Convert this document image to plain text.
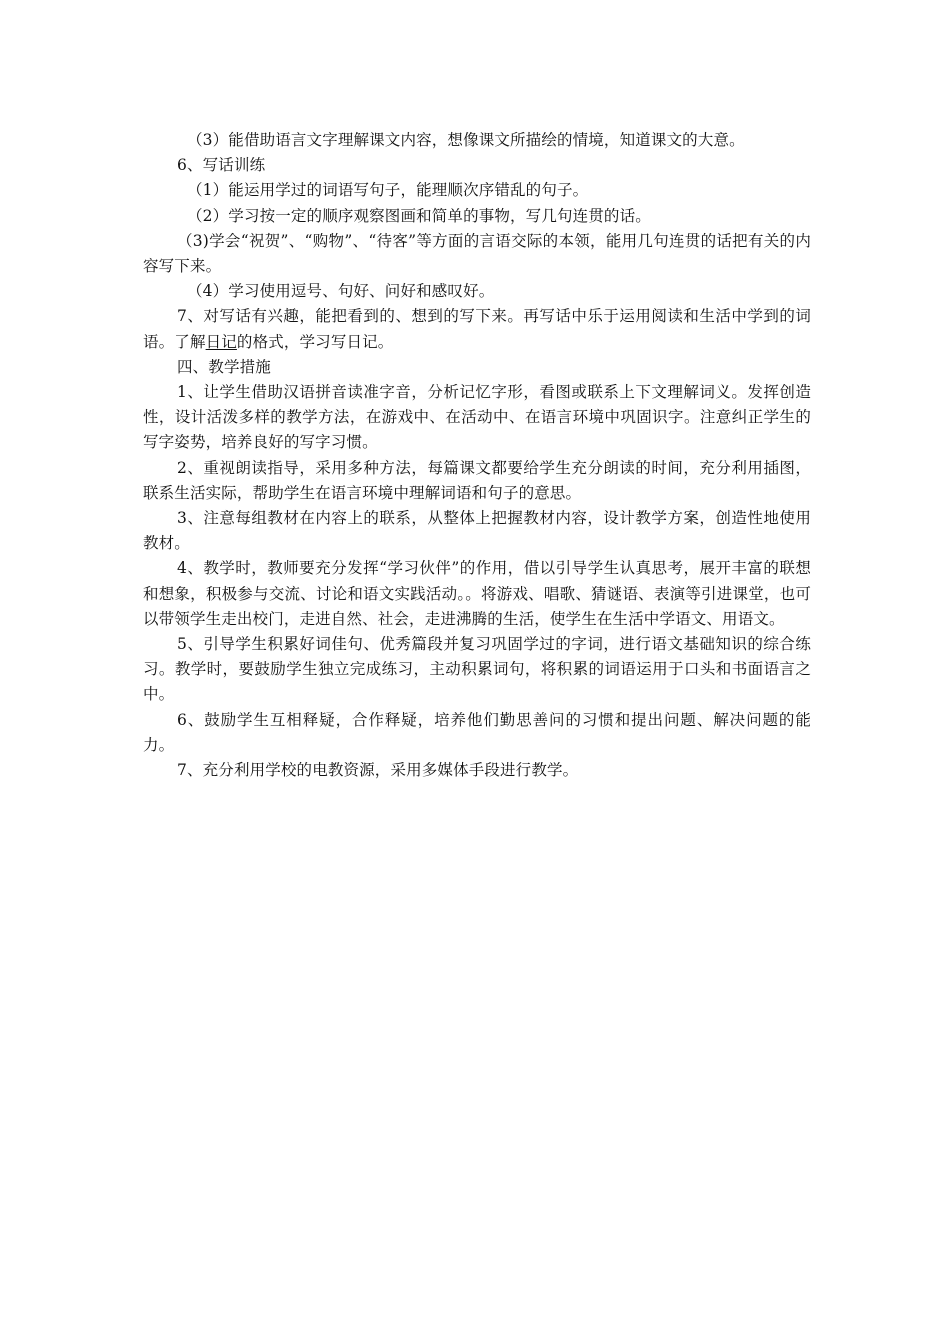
（3）能借助语言文字理解课文内容，想像课文所描绘的情境，知道课文的大意。

6、写话训练

（1）能运用学过的词语写句子，能理顺次序错乱的句子。

（2）学习按一定的顺序观察图画和简单的事物，写几句连贯的话。

（3)学会“祝贺”、“购物”、“待客”等方面的言语交际的本领，能用几句连贯的话把有关的内容写下来。

（4）学习使用逗号、句好、问好和感叹好。

7、对写话有兴趣，能把看到的、想到的写下来。再写话中乐于运用阅读和生活中学到的词语。了解日记的格式，学习写日记。

四、教学措施

1、让学生借助汉语拼音读准字音，分析记忆字形，看图或联系上下文理解词义。发挥创造性，设计活泼多样的教学方法，在游戏中、在活动中、在语言环境中巩固识字。注意纠正学生的写字姿势，培养良好的写字习惯。

2、重视朗读指导，采用多种方法，每篇课文都要给学生充分朗读的时间，充分利用插图，联系生活实际，帮助学生在语言环境中理解词语和句子的意思。

3、注意每组教材在内容上的联系，从整体上把握教材内容，设计教学方案，创造性地使用教材。

4、教学时，教师要充分发挥“学习伙伴”的作用，借以引导学生认真思考，展开丰富的联想和想象，积极参与交流、讨论和语文实践活动。。将游戏、唱歌、猜谜语、表演等引进课堂，也可以带领学生走出校门，走进自然、社会，走进沸腾的生活，使学生在生活中学语文、用语文。

5、引导学生积累好词佳句、优秀篇段并复习巩固学过的字词，进行语文基础知识的综合练习。教学时，要鼓励学生独立完成练习，主动积累词句，将积累的词语运用于口头和书面语言之中。

6、鼓励学生互相释疑，合作释疑，培养他们勤思善问的习惯和提出问题、解决问题的能力。

7、充分利用学校的电教资源，采用多媒体手段进行教学。
